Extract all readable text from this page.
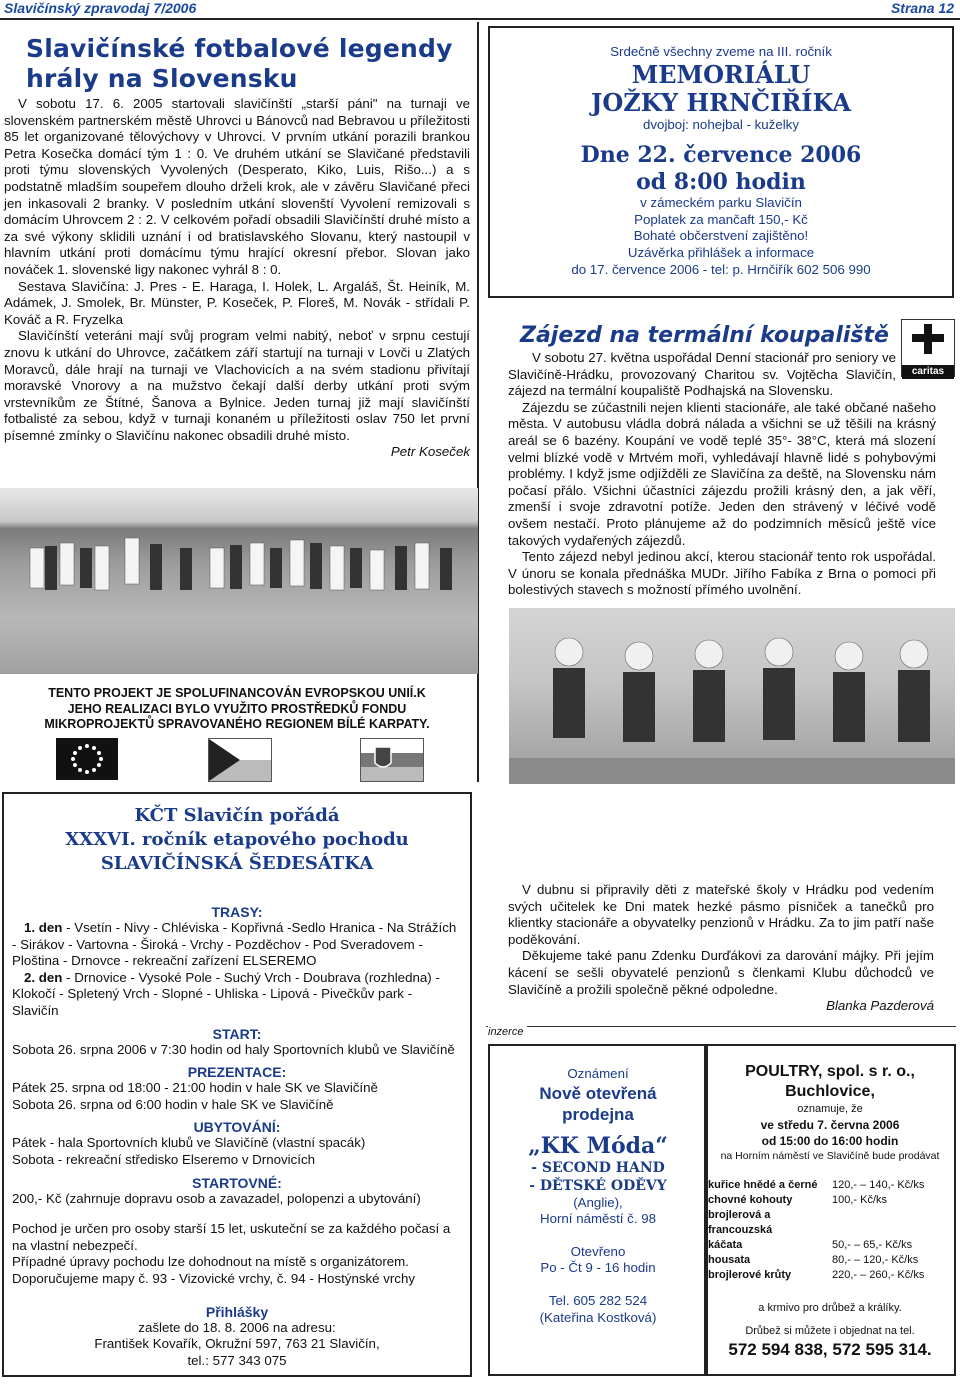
Slavičínský zpravodaj 7/2006	Strana 12
Slavičínské fotbalové legendy hrály na Slovensku
V sobotu 17. 6. 2005 startovali slavičínští „starší páni" na turnaji ve slovenském partnerském městě Uhrovci u Bánovců nad Bebravou u příležitosti 85 let organizované tělovýchovy v Uhrovci. V prvním utkání porazili brankou Petra Kosečka domácí tým 1 : 0. Ve druhém utkání se Slavičané představili proti týmu slovenských Vyvolených (Desperato, Kiko, Luis, Rišo...) a s podstatně mladším soupeřem dlouho drželi krok, ale v závěru Slavičané přeci jen inkasovali 2 branky. V posledním utkání slovenští Vyvolení remizovali s domácím Uhrovcem 2 : 2. V celkovém pořadí obsadili Slavičínští druhé místo a za své výkony sklidili uznání i od bratislavského Slovanu, který nastoupil v hlavním utkání proti domácímu týmu hrající okresní přebor. Slovan jako nováček 1. slovenské ligy nakonec vyhrál 8 : 0.
Sestava Slavičína: J. Pres - E. Haraga, I. Holek, L. Argaláš, Št. Heiník, M. Adámek, J. Smolek, Br. Münster, P. Koseček, P. Floreš, M. Novák - střídali P. Kováč a R. Fryzelka
Slavičínští veteráni mají svůj program velmi nabitý, neboť v srpnu cestují znovu k utkání do Uhrovce, začátkem září startují na turnaji v Lovči u Zlatých Moravců, dále hrají na turnaji ve Vlachovicích a na svém stadionu přivítají moravské Vnorovy a na mužstvo čekají další derby utkání proti svým vrstevníkům ze Štítné, Šanova a Bylnice. Jeden turnaj již mají slavičínští fotbalisté za sebou, když v turnaji konaném u příležitosti oslav 750 let první písemné zmínky o Slavičínu nakonec obsadili druhé místo.
Petr Koseček
Srdečně všechny zveme na III. ročník
MEMORIÁLU
JOŽKY HRNČIŘÍKA
dvojboj: nohejbal - kuželky
Dne 22. července 2006
od 8:00 hodin
v zámeckém parku Slavičín
Poplatek za mančaft 150,- Kč
Bohaté občerstvení zajištěno!
Uzávěrka přihlášek a informace
do 17. července 2006 - tel: p. Hrnčiřík 602 506 990
Zájezd na termální koupaliště
V sobotu 27. května uspořádal Denní stacionář pro seniory ve Slavičíně-Hrádku, provozovaný Charitou sv. Vojtěcha Slavičín, zájezd na termální koupaliště Podhajská na Slovensku.
Zájezdu se zúčastnili nejen klienti stacionáře, ale také občané našeho města. V autobusu vládla dobrá nálada a všichni se už těšili na krásný areál se 6 bazény. Koupání ve vodě teplé 35°- 38°C, která má slození velmi blízké vodě v Mrtvém moři, vyhledávají hlavně lidé s pohybovými problémy. I když jsme odjížděli ze Slavičína za deště, na Slovensku nám počasí přálo. Všichni účastníci zájezdu prožili krásný den, a jak věří, zmenší i svoje zdravotní potíže. Jeden den strávený v léčivé vodě ovšem nestačí. Proto plánujeme až do podzimních měsíců ještě více takových vydařených zájezdů.
Tento zájezd nebyl jedinou akcí, kterou stacionář tento rok uspořádal. V únoru se konala přednáška MUDr. Jiřího Fabíka z Brna o pomoci při bolestivých stavech s možností přímého uvolnění.
caritas
TENTO PROJEKT JE SPOLUFINANCOVÁN EVROPSKOU UNIÍ.K
JEHO REALIZACI BYLO VYUŽITO PROSTŘEDKŮ FONDU
MIKROPROJEKTŮ SPRAVOVANÉHO REGIONEM BÍLÉ KARPATY.
KČT Slavičín pořádá
XXXVI. ročník etapového pochodu
SLAVIČÍNSKÁ ŠEDESÁTKA
TRASY:
1. den - Vsetín - Nivy - Chléviska - Kopřivná -Sedlo Hranica - Na Strážích - Sirákov - Vartovna - Široká - Vrchy - Pozděchov - Pod Sveradovem - Ploština - Drnovce - rekreační zařízení ELSEREMO
2. den - Drnovice - Vysoké Pole - Suchý Vrch - Doubrava (rozhledna) - Klokočí - Spletený Vrch - Slopné - Uhliska - Lipová - Pivečkův park - Slavičín
START:
Sobota 26. srpna 2006 v 7:30 hodin od haly Sportovních klubů ve Slavičíně
PREZENTACE:
Pátek 25. srpna od 18:00 - 21:00 hodin v hale SK ve Slavičíně
Sobota 26. srpna od 6:00 hodin v hale SK ve Slavičíně
UBYTOVÁNÍ:
Pátek - hala Sportovních klubů ve Slavičíně (vlastní spacák)
Sobota - rekreační středisko Elseremo v Drnovicích
STARTOVNÉ:
200,- Kč (zahrnuje dopravu osob a zavazadel, polopenzi a ubytování)
Pochod je určen pro osoby starší 15 let, uskuteční se za každého počasí a na vlastní nebezpečí.
Případné úpravy pochodu lze dohodnout na místě s organizátorem.
Doporučujeme mapy č. 93 - Vizovické vrchy, č. 94 - Hostýnské vrchy
Přihlášky
zašlete do 18. 8. 2006 na adresu:
František Kovařík, Okružní 597, 763 21 Slavičín,
tel.: 577 343 075
V dubnu si připravily děti z mateřské školy v Hrádku pod vedením svých učitelek ke Dni matek hezké pásmo písniček a tanečků pro klientky stacionáře a obyvatelky penzionů v Hrádku. Za to jim patří naše poděkování.
Děkujeme také panu Zdenku Durďákovi za darování májky. Při jejím kácení se sešli obyvatelé penzionů s členkami Klubu důchodců ve Slavičíně a prožili společně pěkné odpoledne.
Blanka Pazderová
inzerce
Oznámení
Nově otevřená
prodejna
„KK Móda“
- SECOND HAND
- DĚTSKÉ ODĚVY
(Anglie),
Horní náměstí č. 98
Otevřeno
Po - Čt 9 - 16 hodin
Tel. 605 282 524
(Kateřina Kostková)
POULTRY, spol. s r. o.,
Buchlovice,
oznamuje, že
ve středu 7. června 2006
od 15:00 do 16:00 hodin
na Horním náměstí ve Slavičíně bude prodávat
kuřice hnědé a černé	120,- – 140,- Kč/ks
chovné kohouty	100,- Kč/ks
brojlerová a francouzská	
káčata	50,- – 65,- Kč/ks
housata	80,- – 120,- Kč/ks
brojlerové krůty	220,- – 260,- Kč/ks
a krmivo pro drůbež a králíky.
Drůbež si můžete i objednat na tel.
572 594 838, 572 595 314.
